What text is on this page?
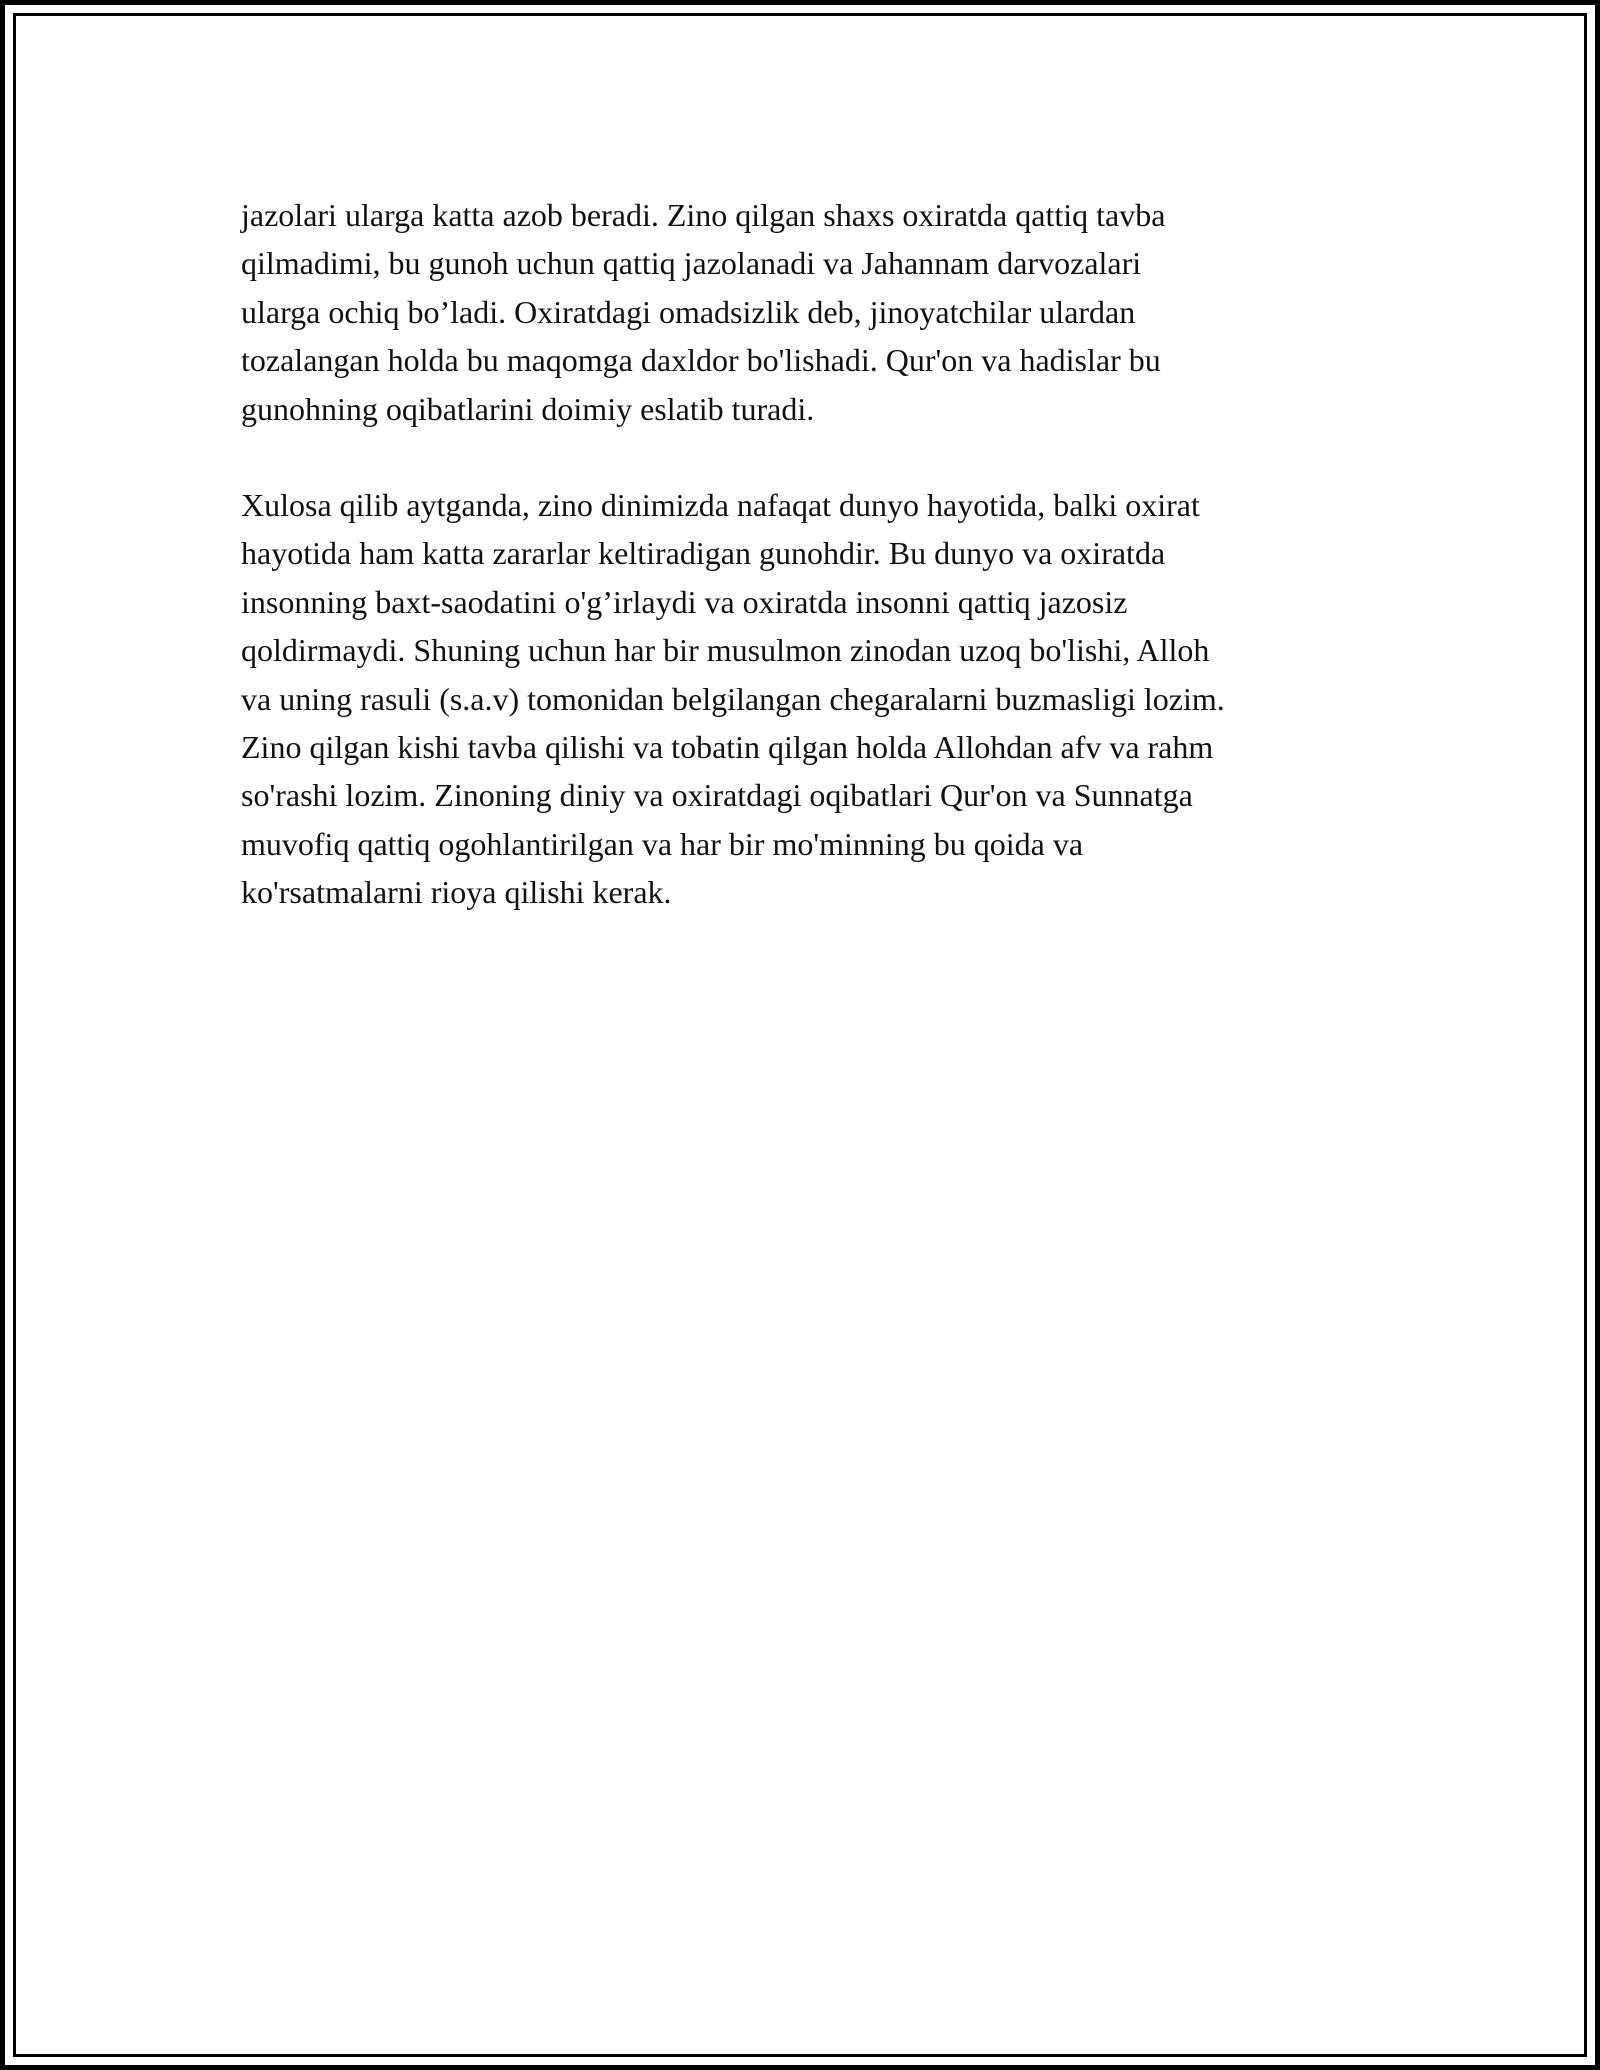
jazolari ularga katta azob beradi. Zino qilgan shaxs oxiratda qattiq tavba
qilmadimi, bu gunoh uchun qattiq jazolanadi va Jahannam darvozalari
ularga ochiq bo’ladi. Oxiratdagi omadsizlik deb, jinoyatchilar ulardan
tozalangan holda bu maqomga daxldor bo'lishadi. Qur'on va hadislar bu
gunohning oqibatlarini doimiy eslatib turadi.

Xulosa qilib aytganda, zino dinimizda nafaqat dunyo hayotida, balki oxirat
hayotida ham katta zararlar keltiradigan gunohdir. Bu dunyo va oxiratda
insonning baxt-saodatini o'g’irlaydi va oxiratda insonni qattiq jazosiz
qoldirmaydi. Shuning uchun har bir musulmon zinodan uzoq bo'lishi, Alloh
va uning rasuli (s.a.v) tomonidan belgilangan chegaralarni buzmasligi lozim.
Zino qilgan kishi tavba qilishi va tobatin qilgan holda Allohdan afv va rahm
so'rashi lozim. Zinoning diniy va oxiratdagi oqibatlari Qur'on va Sunnatga
muvofiq qattiq ogohlantirilgan va har bir mo'minning bu qoida va
ko'rsatmalarni rioya qilishi kerak.
